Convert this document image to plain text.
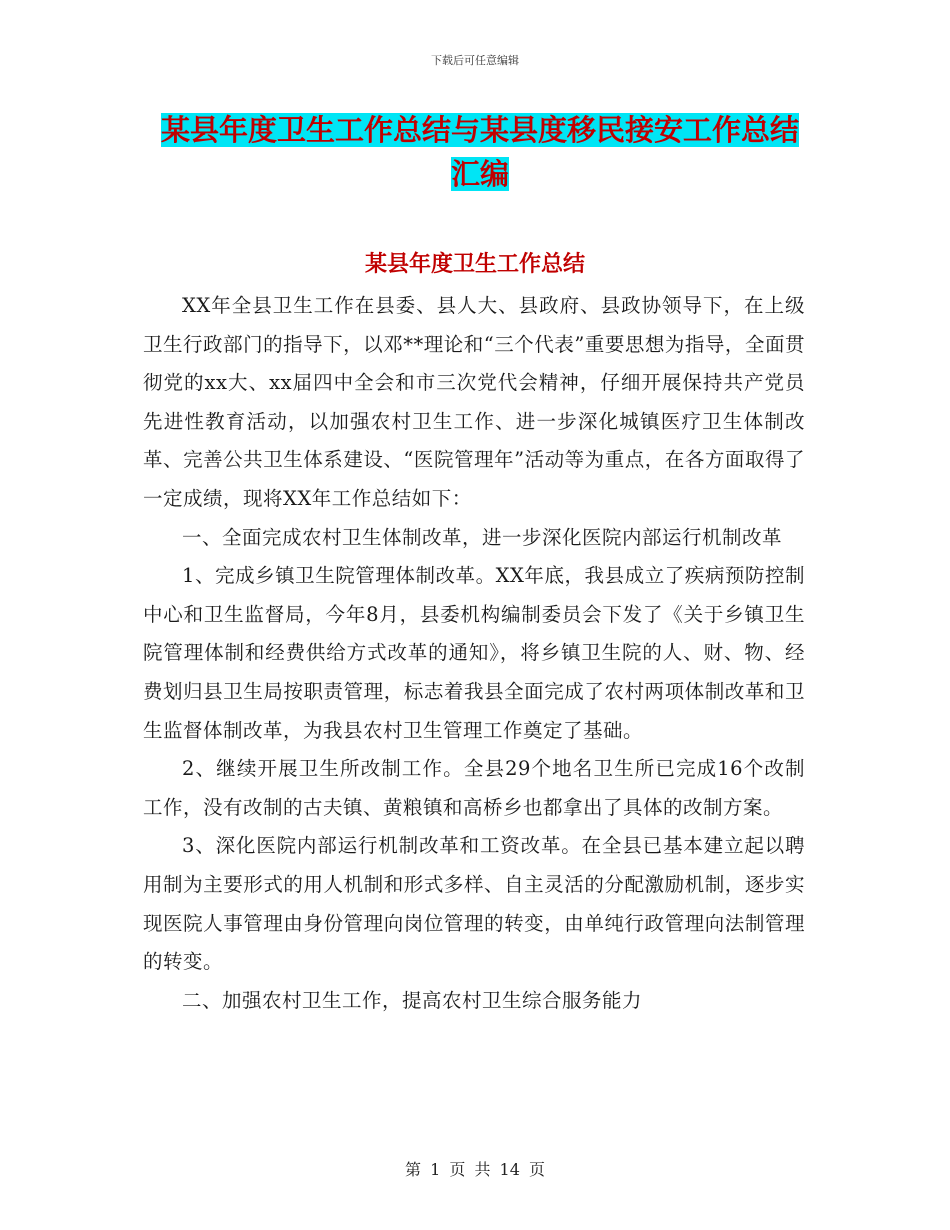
下载后可任意编辑
某县年度卫生工作总结与某县度移民接安工作总结汇编
某县年度卫生工作总结

XX年全县卫生工作在县委、县人大、县政府、县政协领导下，在上级卫生行政部门的指导下，以邓**理论和“三个代表”重要思想为指导，全面贯彻党的xx大、xx届四中全会和市三次党代会精神，仔细开展保持共产党员先进性教育活动，以加强农村卫生工作、进一步深化城镇医疗卫生体制改革、完善公共卫生体系建设、“医院管理年”活动等为重点，在各方面取得了一定成绩，现将XX年工作总结如下：

一、全面完成农村卫生体制改革，进一步深化医院内部运行机制改革

1、完成乡镇卫生院管理体制改革。XX年底，我县成立了疾病预防控制中心和卫生监督局，今年8月，县委机构编制委员会下发了《关于乡镇卫生院管理体制和经费供给方式改革的通知》，将乡镇卫生院的人、财、物、经费划归县卫生局按职责管理，标志着我县全面完成了农村两项体制改革和卫生监督体制改革，为我县农村卫生管理工作奠定了基础。

2、继续开展卫生所改制工作。全县29个地名卫生所已完成16个改制工作，没有改制的古夫镇、黄粮镇和高桥乡也都拿出了具体的改制方案。

3、深化医院内部运行机制改革和工资改革。在全县已基本建立起以聘用制为主要形式的用人机制和形式多样、自主灵活的分配激励机制，逐步实现医院人事管理由身份管理向岗位管理的转变，由单纯行政管理向法制管理的转变。

二、加强农村卫生工作，提高农村卫生综合服务能力

第 1 页 共 14 页
